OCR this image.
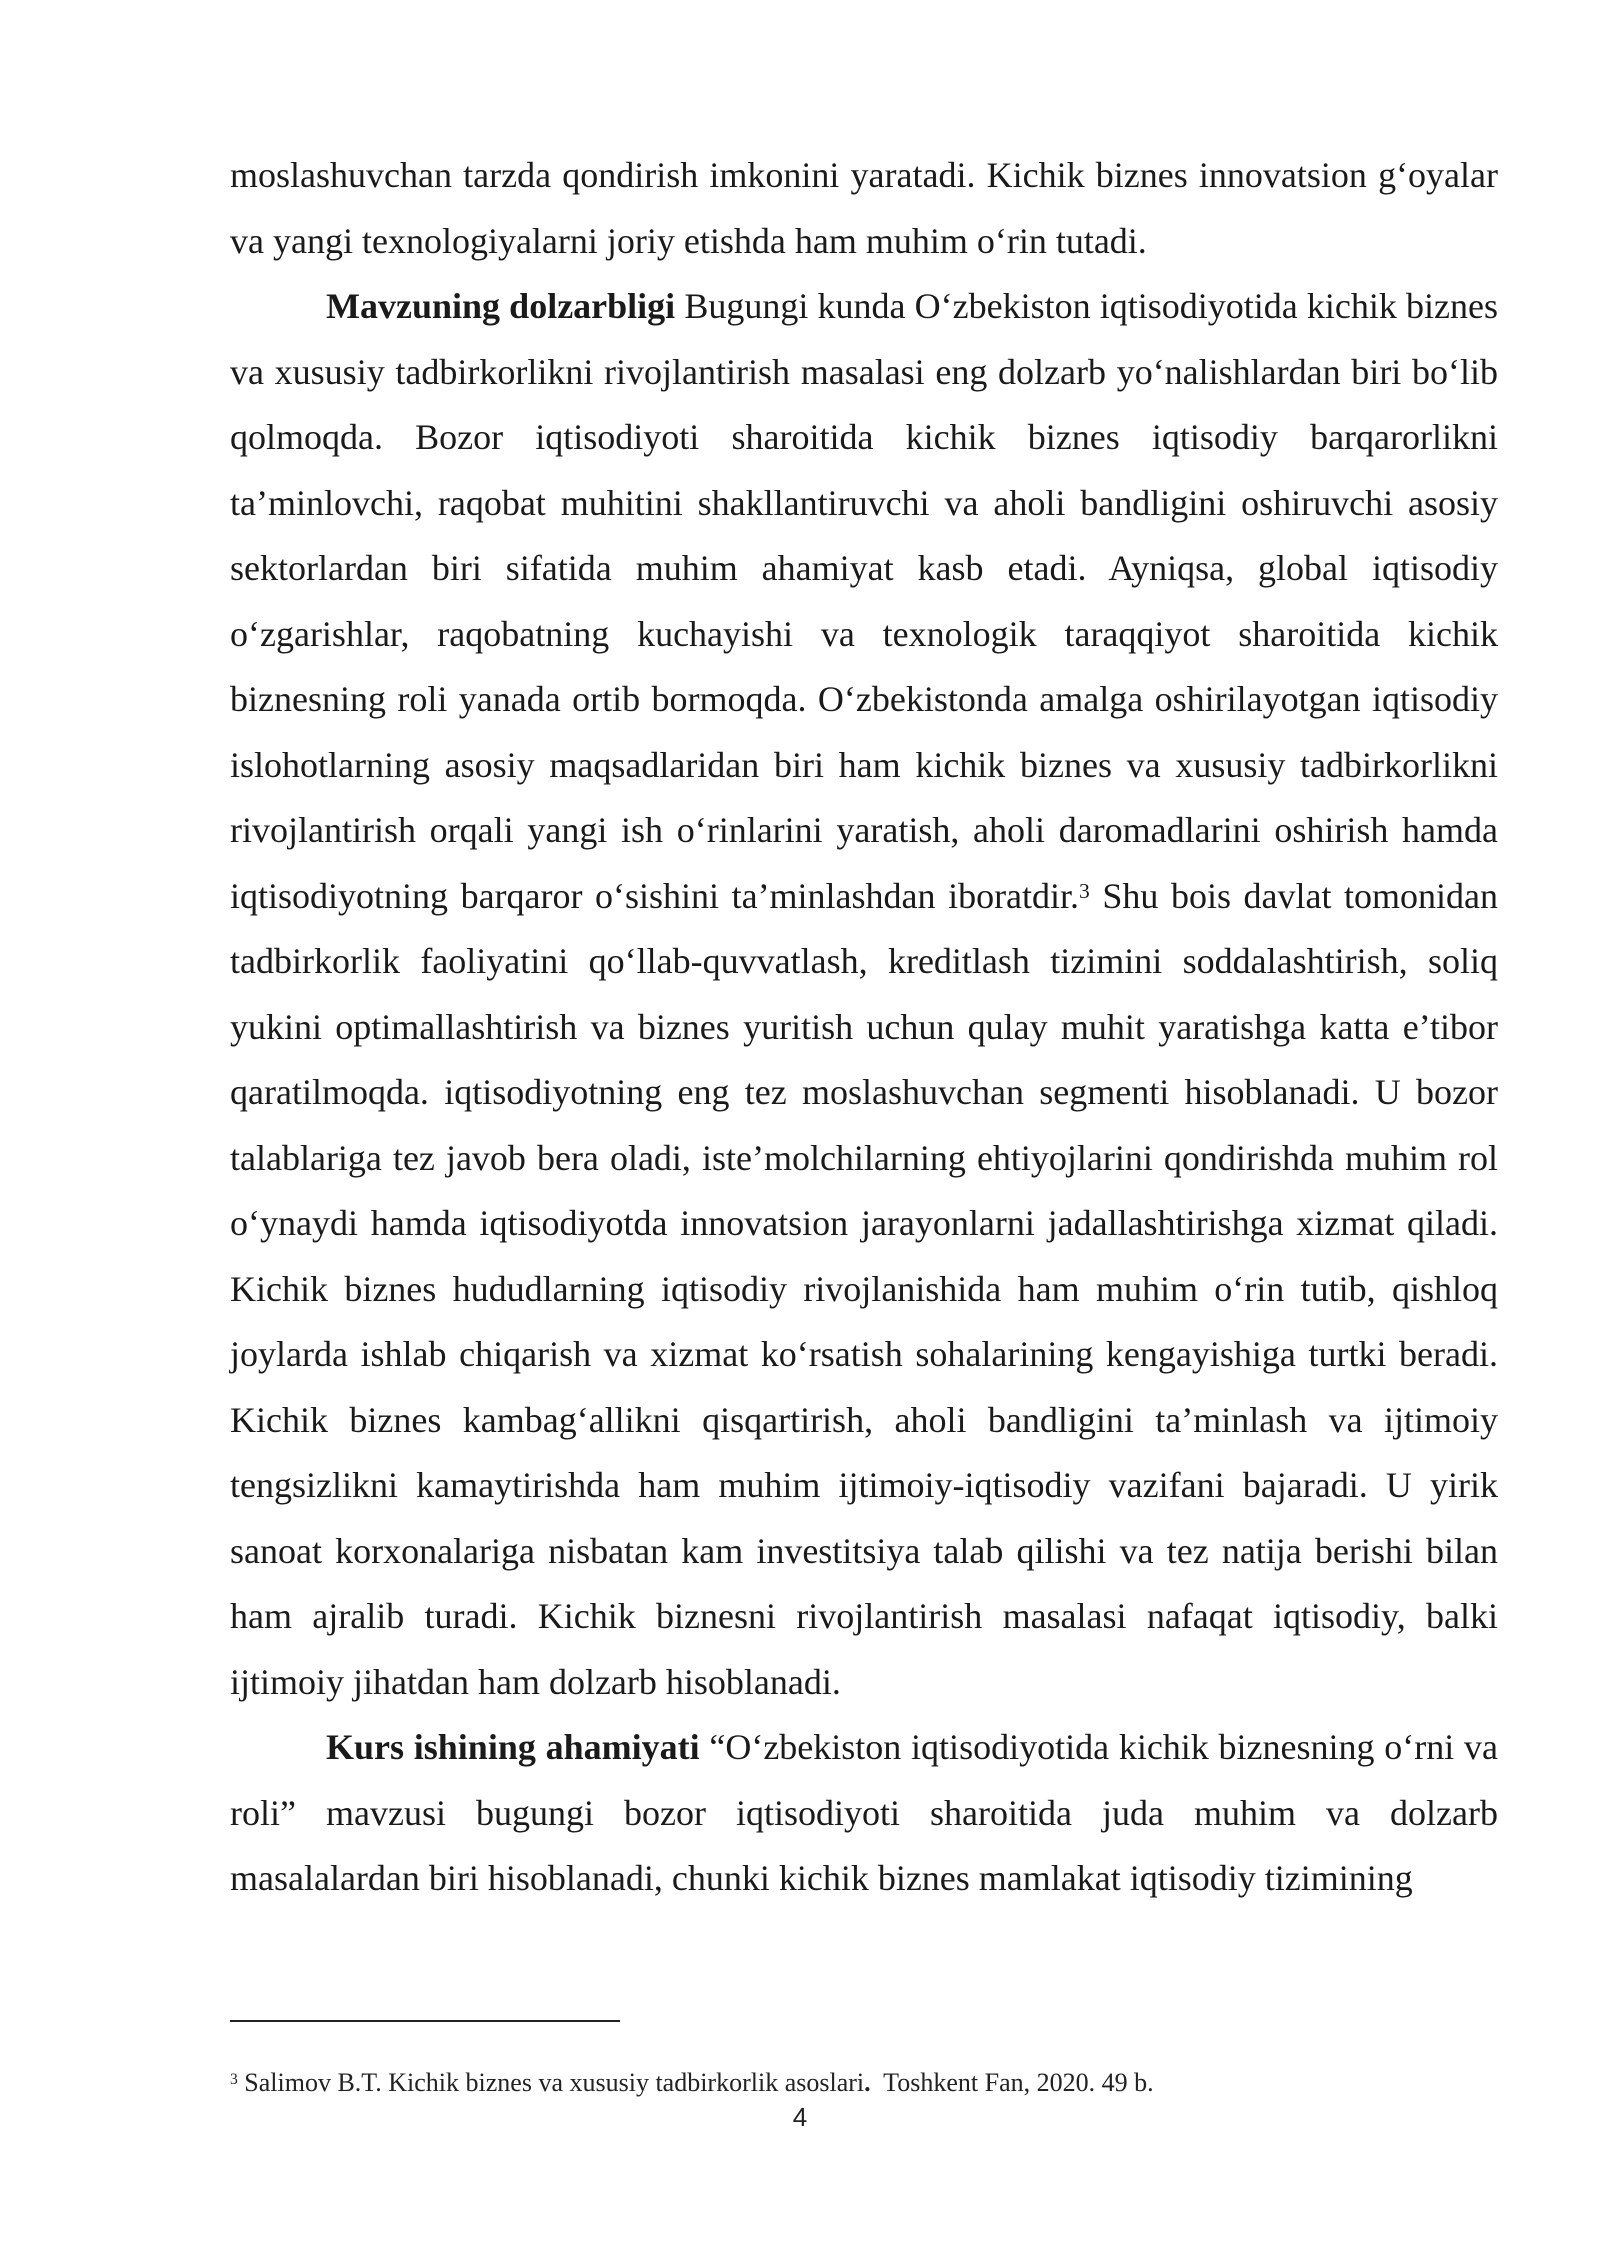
moslashuvchan tarzda qondirish imkonini yaratadi. Kichik biznes innovatsion g‘oyalar va yangi texnologiyalarni joriy etishda ham muhim o‘rin tutadi.

Mavzuning dolzarbligi Bugungi kunda O‘zbekiston iqtisodiyotida kichik biznes va xususiy tadbirkorlikni rivojlantirish masalasi eng dolzarb yo‘nalishlardan biri bo‘lib qolmoqda. Bozor iqtisodiyoti sharoitida kichik biznes iqtisodiy barqarorlikni ta’minlovchi, raqobat muhitini shakllantiruvchi va aholi bandligini oshiruvchi asosiy sektorlardan biri sifatida muhim ahamiyat kasb etadi. Ayniqsa, global iqtisodiy o‘zgarishlar, raqobatning kuchayishi va texnologik taraqqiyot sharoitida kichik biznesning roli yanada ortib bormoqda. O‘zbekistonda amalga oshirilayotgan iqtisodiy islohotlarning asosiy maqsadlaridan biri ham kichik biznes va xususiy tadbirkorlikni rivojlantirish orqali yangi ish o‘rinlarini yaratish, aholi daromadlarini oshirish hamda iqtisodiyotning barqaror o‘sishini ta’minlashdan iboratdir.$^3$ Shu bois davlat tomonidan tadbirkorlik faoliyatini qo‘llab-quvvatlash, kreditlash tizimini soddalashtirish, soliq yukini optimallashtirish va biznes yuritish uchun qulay muhit yaratishga katta e’tibor qaratilmoqda. iqtisodiyotning eng tez moslashuvchan segmenti hisoblanadi. U bozor talablariga tez javob bera oladi, iste’molchilarning ehtiyojlarini qondirishda muhim rol o‘ynaydi hamda iqtisodiyotda innovatsion jarayonlarni jadallashtirishga xizmat qiladi. Kichik biznes hududlarning iqtisodiy rivojlanishida ham muhim o‘rin tutib, qishloq joylarda ishlab chiqarish va xizmat ko‘rsatish sohalarining kengayishiga turtki beradi. Kichik biznes kambag‘allikni qisqartirish, aholi bandligini ta’minlash va ijtimoiy tengsizlikni kamaytirishda ham muhim ijtimoiy-iqtisodiy vazifani bajaradi. U yirik sanoat korxonalariga nisbatan kam investitsiya talab qilishi va tez natija berishi bilan ham ajralib turadi. Kichik biznesni rivojlantirish masalasi nafaqat iqtisodiy, balki ijtimoiy jihatdan ham dolzarb hisoblanadi.

Kurs ishining ahamiyati “O‘zbekiston iqtisodiyotida kichik biznesning o‘rni va roli” mavzusi bugungi bozor iqtisodiyoti sharoitida juda muhim va dolzarb masalalardan biri hisoblanadi, chunki kichik biznes mamlakat iqtisodiy tizimining

$^3$ Salimov B.T. Kichik biznes va xususiy tadbirkorlik asoslari.  Toshkent Fan, 2020. 49 b.
4
